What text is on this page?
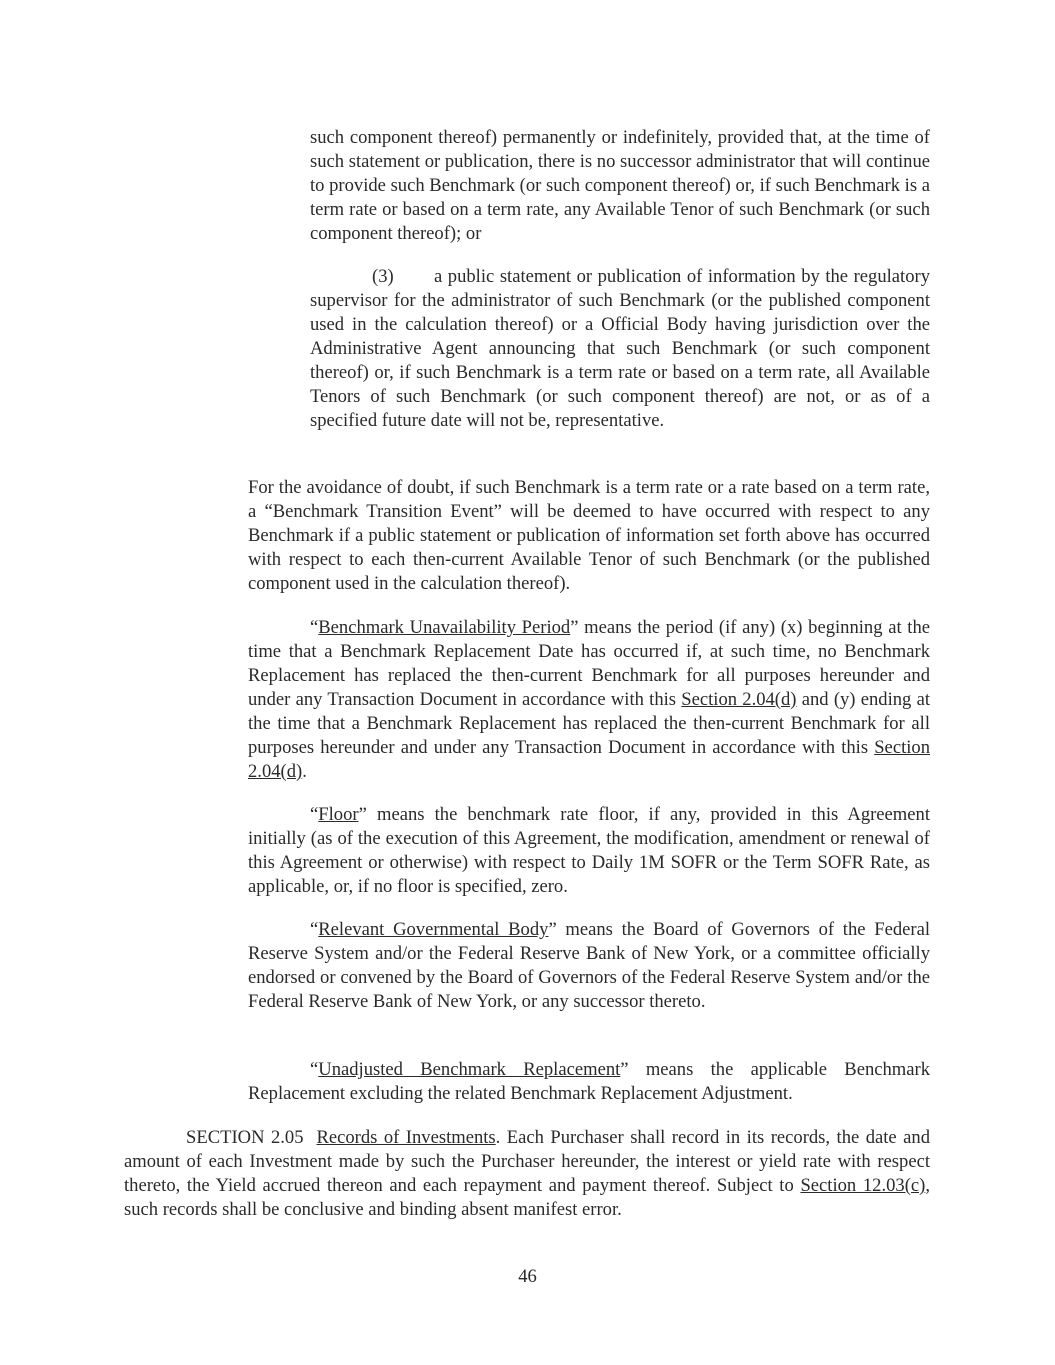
such component thereof) permanently or indefinitely, provided that, at the time of such statement or publication, there is no successor administrator that will continue to provide such Benchmark (or such component thereof) or, if such Benchmark is a term rate or based on a term rate, any Available Tenor of such Benchmark (or such component thereof); or

(3) a public statement or publication of information by the regulatory supervisor for the administrator of such Benchmark (or the published component used in the calculation thereof) or a Official Body having jurisdiction over the Administrative Agent announcing that such Benchmark (or such component thereof) or, if such Benchmark is a term rate or based on a term rate, all Available Tenors of such Benchmark (or such component thereof) are not, or as of a specified future date will not be, representative.

For the avoidance of doubt, if such Benchmark is a term rate or a rate based on a term rate, a “Benchmark Transition Event” will be deemed to have occurred with respect to any Benchmark if a public statement or publication of information set forth above has occurred with respect to each then-current Available Tenor of such Benchmark (or the published component used in the calculation thereof).

“Benchmark Unavailability Period” means the period (if any) (x) beginning at the time that a Benchmark Replacement Date has occurred if, at such time, no Benchmark Replacement has replaced the then-current Benchmark for all purposes hereunder and under any Transaction Document in accordance with this Section 2.04(d) and (y) ending at the time that a Benchmark Replacement has replaced the then-current Benchmark for all purposes hereunder and under any Transaction Document in accordance with this Section 2.04(d).

“Floor” means the benchmark rate floor, if any, provided in this Agreement initially (as of the execution of this Agreement, the modification, amendment or renewal of this Agreement or otherwise) with respect to Daily 1M SOFR or the Term SOFR Rate, as applicable, or, if no floor is specified, zero.

“Relevant Governmental Body” means the Board of Governors of the Federal Reserve System and/or the Federal Reserve Bank of New York, or a committee officially endorsed or convened by the Board of Governors of the Federal Reserve System and/or the Federal Reserve Bank of New York, or any successor thereto.

“Unadjusted Benchmark Replacement” means the applicable Benchmark Replacement excluding the related Benchmark Replacement Adjustment.

SECTION 2.05 Records of Investments. Each Purchaser shall record in its records, the date and amount of each Investment made by such the Purchaser hereunder, the interest or yield rate with respect thereto, the Yield accrued thereon and each repayment and payment thereof. Subject to Section 12.03(c), such records shall be conclusive and binding absent manifest error.

46
